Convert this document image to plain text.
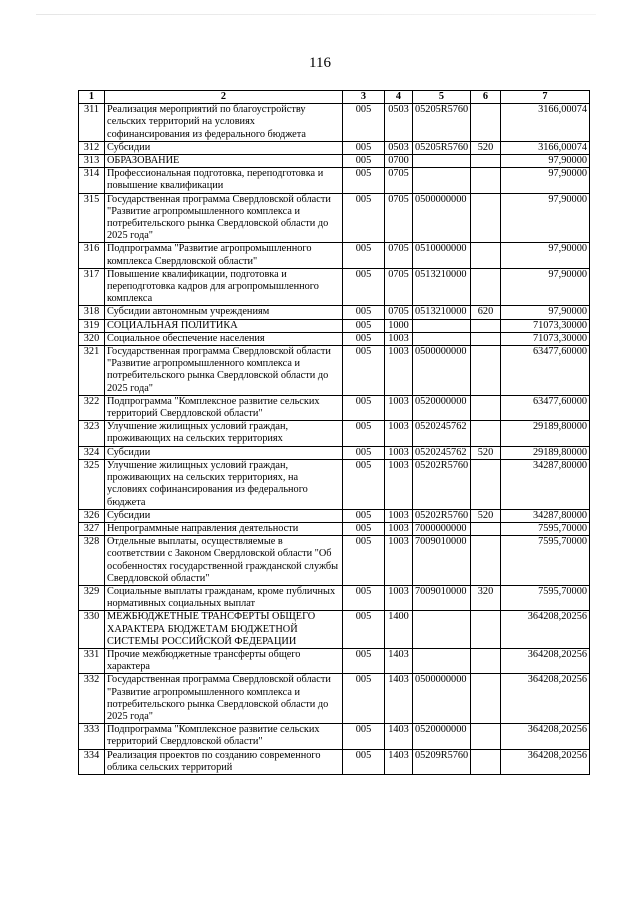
116
1	2	3	4	5	6	7
311	Реализация мероприятий по благоустройству сельских территорий на условиях софинансирования из федерального бюджета	005	0503	05205R5760		3166,00074
312	Субсидии	005	0503	05205R5760	520	3166,00074
313	ОБРАЗОВАНИЕ	005	0700			97,90000
314	Профессиональная подготовка, переподготовка и повышение квалификации	005	0705			97,90000
315	Государственная программа Свердловской области "Развитие агропромышленного комплекса и потребительского рынка Свердловской области до 2025 года"	005	0705	0500000000		97,90000
316	Подпрограмма "Развитие агропромышленного комплекса Свердловской области"	005	0705	0510000000		97,90000
317	Повышение квалификации, подготовка и переподготовка кадров для агропромышленного комплекса	005	0705	0513210000		97,90000
318	Субсидии автономным учреждениям	005	0705	0513210000	620	97,90000
319	СОЦИАЛЬНАЯ ПОЛИТИКА	005	1000			71073,30000
320	Социальное обеспечение населения	005	1003			71073,30000
321	Государственная программа Свердловской области "Развитие агропромышленного комплекса и потребительского рынка Свердловской области до 2025 года"	005	1003	0500000000		63477,60000
322	Подпрограмма "Комплексное развитие сельских территорий Свердловской области"	005	1003	0520000000		63477,60000
323	Улучшение жилищных условий граждан, проживающих на сельских территориях	005	1003	0520245762		29189,80000
324	Субсидии	005	1003	0520245762	520	29189,80000
325	Улучшение жилищных условий граждан, проживающих на сельских территориях, на условиях софинансирования из федерального бюджета	005	1003	05202R5760		34287,80000
326	Субсидии	005	1003	05202R5760	520	34287,80000
327	Непрограммные направления деятельности	005	1003	7000000000		7595,70000
328	Отдельные выплаты, осуществляемые в соответствии с Законом Свердловской области "Об особенностях государственной гражданской службы Свердловской области"	005	1003	7009010000		7595,70000
329	Социальные выплаты гражданам, кроме публичных нормативных социальных выплат	005	1003	7009010000	320	7595,70000
330	МЕЖБЮДЖЕТНЫЕ ТРАНСФЕРТЫ ОБЩЕГО ХАРАКТЕРА БЮДЖЕТАМ БЮДЖЕТНОЙ СИСТЕМЫ РОССИЙСКОЙ ФЕДЕРАЦИИ	005	1400			364208,20256
331	Прочие межбюджетные трансферты общего характера	005	1403			364208,20256
332	Государственная программа Свердловской области "Развитие агропромышленного комплекса и потребительского рынка Свердловской области до 2025 года"	005	1403	0500000000		364208,20256
333	Подпрограмма "Комплексное развитие сельских территорий Свердловской области"	005	1403	0520000000		364208,20256
334	Реализация проектов по созданию современного облика сельских территорий	005	1403	05209R5760		364208,20256
